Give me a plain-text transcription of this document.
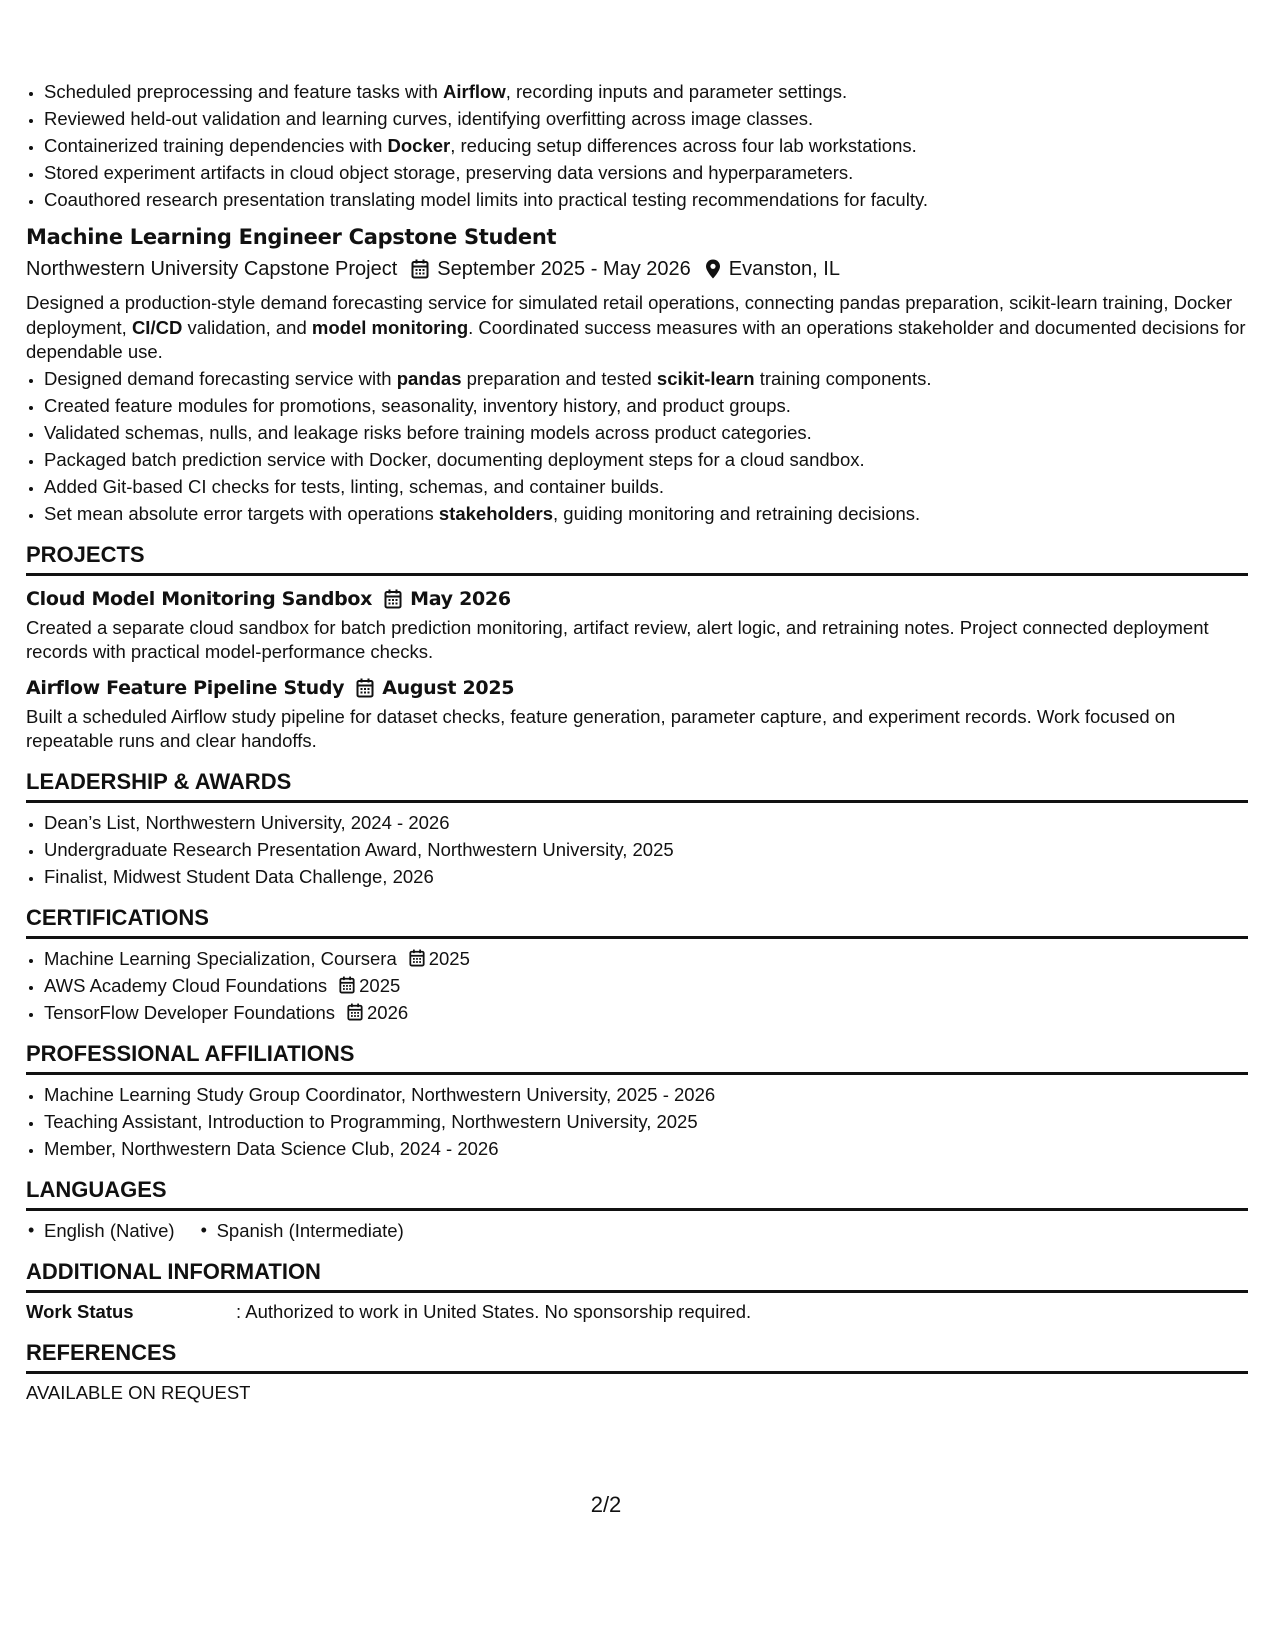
• Scheduled preprocessing and feature tasks with Airflow, recording inputs and parameter settings.
• Reviewed held-out validation and learning curves, identifying overfitting across image classes.
• Containerized training dependencies with Docker, reducing setup differences across four lab workstations.
• Stored experiment artifacts in cloud object storage, preserving data versions and hyperparameters.
• Coauthored research presentation translating model limits into practical testing recommendations for faculty.
Machine Learning Engineer Capstone Student
Northwestern University Capstone Project September 2025 - May 2026 Evanston, IL
Designed a production-style demand forecasting service for simulated retail operations, connecting pandas preparation, scikit-learn training, Docker deployment, CI/CD validation, and model monitoring. Coordinated success measures with an operations stakeholder and documented decisions for dependable use.
• Designed demand forecasting service with pandas preparation and tested scikit-learn training components.
• Created feature modules for promotions, seasonality, inventory history, and product groups.
• Validated schemas, nulls, and leakage risks before training models across product categories.
• Packaged batch prediction service with Docker, documenting deployment steps for a cloud sandbox.
• Added Git-based CI checks for tests, linting, schemas, and container builds.
• Set mean absolute error targets with operations stakeholders, guiding monitoring and retraining decisions.
PROJECTS
Cloud Model Monitoring Sandbox May 2026
Created a separate cloud sandbox for batch prediction monitoring, artifact review, alert logic, and retraining notes. Project connected deployment records with practical model-performance checks.
Airflow Feature Pipeline Study August 2025
Built a scheduled Airflow study pipeline for dataset checks, feature generation, parameter capture, and experiment records. Work focused on repeatable runs and clear handoffs.
LEADERSHIP & AWARDS
• Dean’s List, Northwestern University, 2024 - 2026
• Undergraduate Research Presentation Award, Northwestern University, 2025
• Finalist, Midwest Student Data Challenge, 2026
CERTIFICATIONS
• Machine Learning Specialization, Coursera 2025
• AWS Academy Cloud Foundations 2025
• TensorFlow Developer Foundations 2026
PROFESSIONAL AFFILIATIONS
• Machine Learning Study Group Coordinator, Northwestern University, 2025 - 2026
• Teaching Assistant, Introduction to Programming, Northwestern University, 2025
• Member, Northwestern Data Science Club, 2024 - 2026
LANGUAGES
• English (Native)
•	Spanish (Intermediate)
ADDITIONAL INFORMATION
Work Status	: Authorized to work in United States. No sponsorship required.
REFERENCES
AVAILABLE ON REQUEST
2/2
